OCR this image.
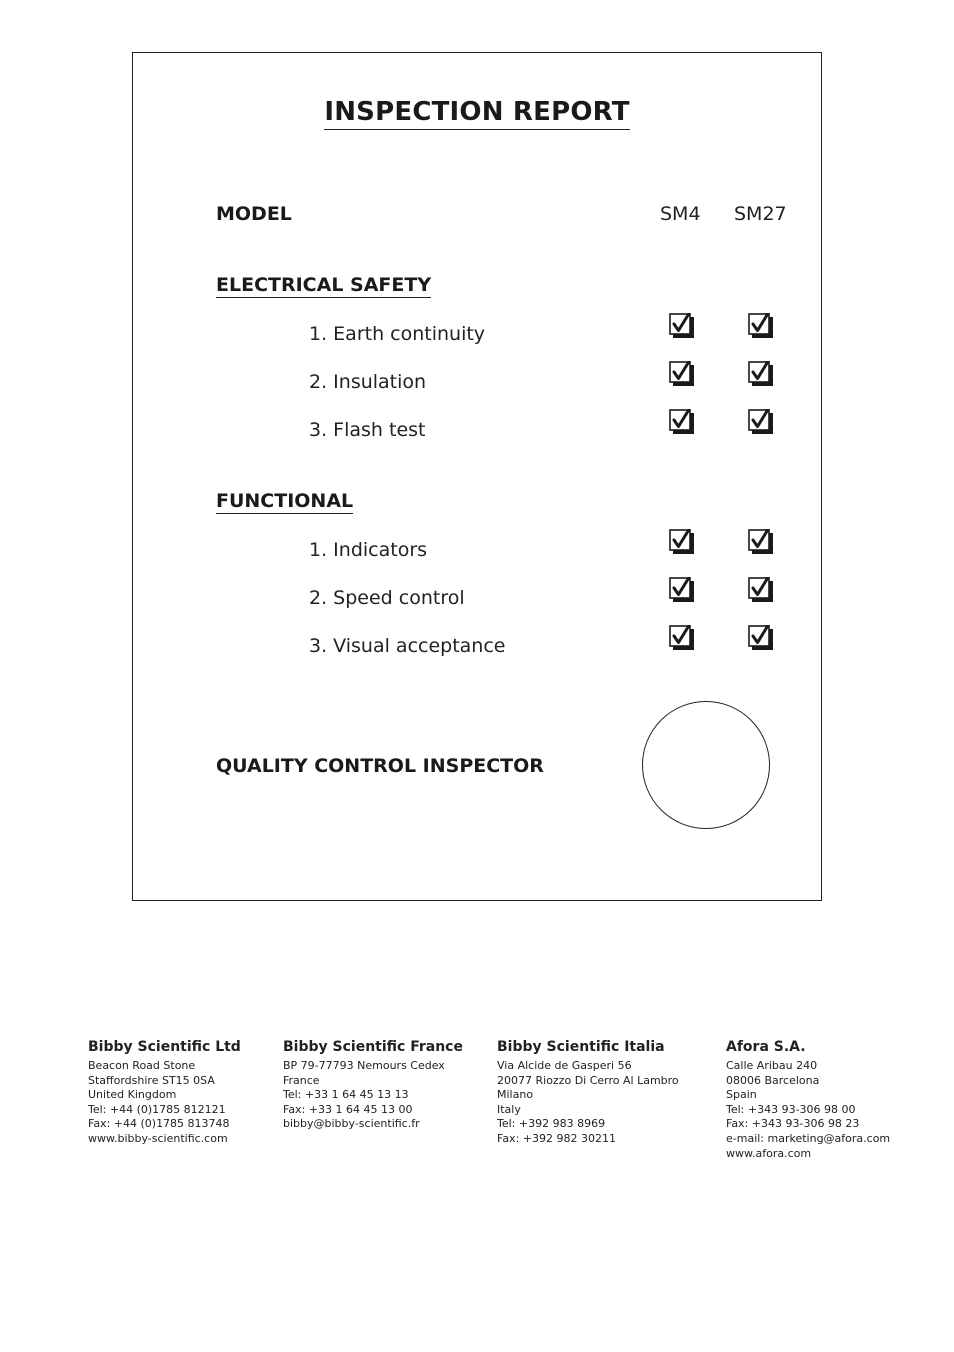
INSPECTION REPORT
MODEL	SM4 SM27
ELECTRICAL SAFETY
1. Earth continuity
2. Insulation
3. Flash test
FUNCTIONAL
1. Indicators
2. Speed control
3. Visual acceptance
QUALITY CONTROL INSPECTOR
Bibby Scientific Ltd
Beacon Road Stone
Staffordshire ST15 0SA
United Kingdom
Tel: +44 (0)1785 812121
Fax: +44 (0)1785 813748
www.bibby-scientific.com
Bibby Scientific France
BP 79-77793 Nemours Cedex
France
Tel: +33 1 64 45 13 13
Fax: +33 1 64 45 13 00
bibby@bibby-scientific.fr
Bibby Scientific Italia
Via Alcide de Gasperi 56
20077 Riozzo Di Cerro Al Lambro
Milano
Italy
Tel: +392 983 8969
Fax: +392 982 30211
Afora S.A.
Calle Aribau 240
08006 Barcelona
Spain
Tel: +343 93-306 98 00
Fax: +343 93-306 98 23
e-mail: marketing@afora.com
www.afora.com
